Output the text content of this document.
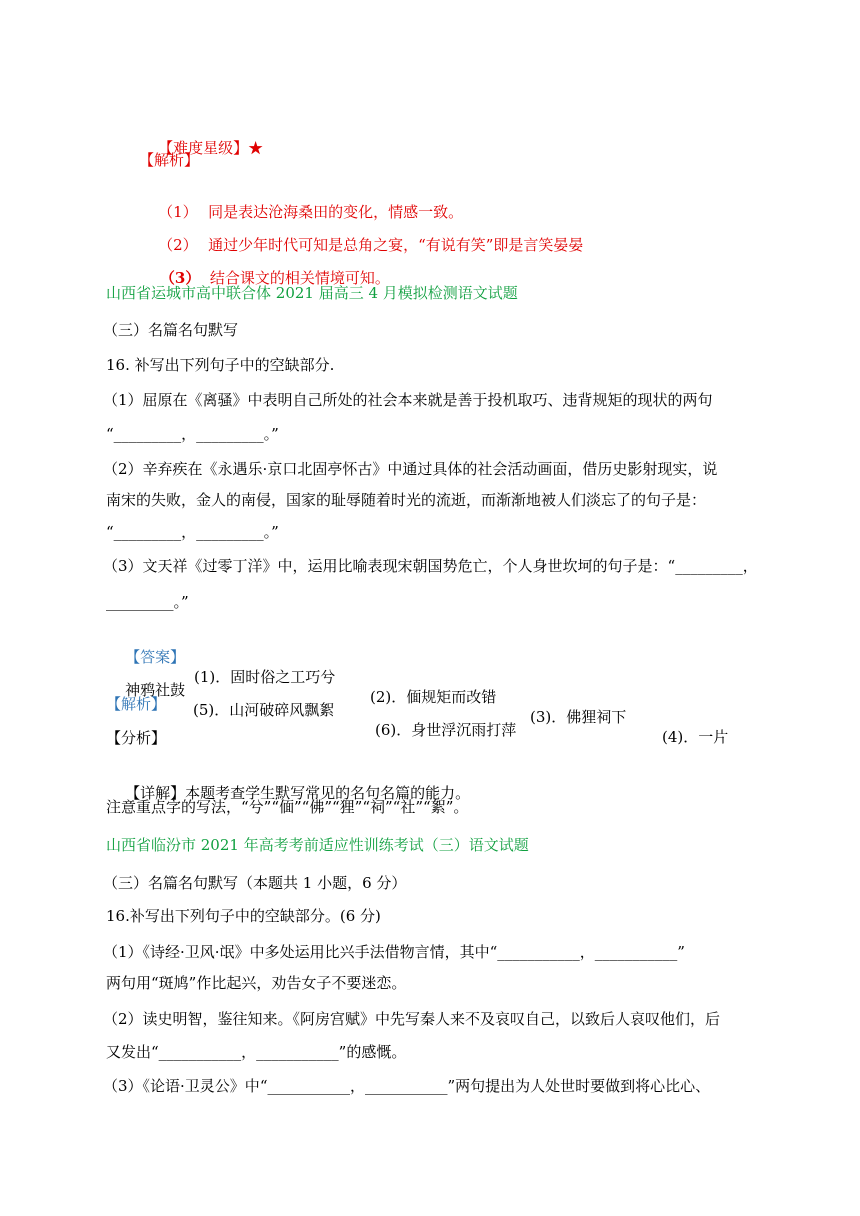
【难度星级】★

【解析】

（1） 同是表达沧海桑田的变化，情感一致。

（2） 通过少年时代可知是总角之宴，“有说有笑”即是言笑晏晏

（3） 结合课文的相关情境可知。

山西省运城市高中联合体 2021 届高三 4 月模拟检测语文试题
（三）名篇名句默写
16. 补写出下列句子中的空缺部分.
（1）屈原在《离骚》中表明自己所处的社会本来就是善于投机取巧、违背规矩的现状的两句
“_________，_________。”
（2）辛弃疾在《永遇乐·京口北固亭怀古》中通过具体的社会活动画面，借历史影射现实，说
南宋的失败，金人的南侵，国家的耻辱随着时光的流逝，而渐渐地被人们淡忘了的句子是：
“_________，_________。”
（3）文天祥《过零丁洋》中，运用比喻表现宋朝国势危亡，个人身世坎坷的句子是：“_________，
_________。”

【答案】

(1)．固时俗之工巧兮

(2)．偭规矩而改错

(3)．佛狸祠下

(4)．一片

神鸦社鼓

(5)．山河破碎风飘絮

(6)．身世浮沉雨打萍

【解析】
【分析】

【详解】本题考查学生默写常见的名句名篇的能力。

注意重点字的写法，“兮”“偭”“佛”“狸”“祠”“社”“絮”。
山西省临汾市 2021 年高考考前适应性训练考试（三）语文试题
（三）名篇名句默写（本题共 1 小题，6 分）
16.补写出下列句子中的空缺部分。(6 分)
（1）《诗经·卫风·氓》中多处运用比兴手法借物言情，其中“___________，___________”
两句用“斑鸠”作比起兴，劝告女子不要迷恋。
（2）读史明智，鉴往知来。《阿房宫赋》中先写秦人来不及哀叹自己，以致后人哀叹他们，后
又发出“___________，___________”的感慨。
（3）《论语·卫灵公》中“___________，___________”两句提出为人处世时要做到将心比心、
